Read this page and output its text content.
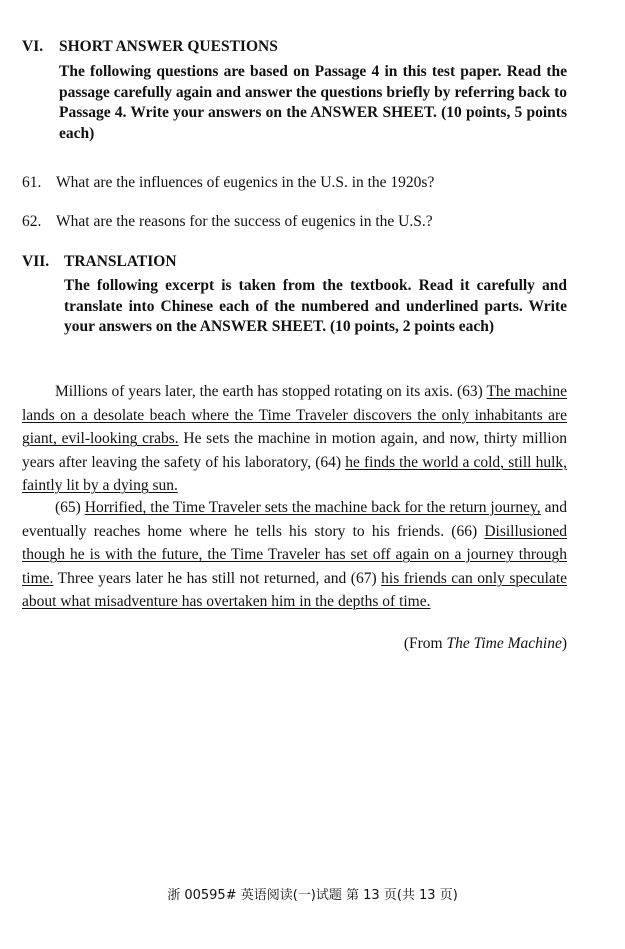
VI. SHORT ANSWER QUESTIONS
The following questions are based on Passage 4 in this test paper. Read the passage carefully again and answer the questions briefly by referring back to Passage 4. Write your answers on the ANSWER SHEET. (10 points, 5 points each)
61. What are the influences of eugenics in the U.S. in the 1920s?
62. What are the reasons for the success of eugenics in the U.S.?
VII. TRANSLATION
The following excerpt is taken from the textbook. Read it carefully and translate into Chinese each of the numbered and underlined parts. Write your answers on the ANSWER SHEET. (10 points, 2 points each)

Millions of years later, the earth has stopped rotating on its axis. (63) The machine lands on a desolate beach where the Time Traveler discovers the only inhabitants are giant, evil-looking crabs. He sets the machine in motion again, and now, thirty million years after leaving the safety of his laboratory, (64) he finds the world a cold, still hulk, faintly lit by a dying sun.

(65) Horrified, the Time Traveler sets the machine back for the return journey, and eventually reaches home where he tells his story to his friends. (66) Disillusioned though he is with the future, the Time Traveler has set off again on a journey through time. Three years later he has still not returned, and (67) his friends can only speculate about what misadventure has overtaken him in the depths of time.

(From The Time Machine)
浙 00595# 英语阅读(一)试题 第 13 页(共 13 页)
